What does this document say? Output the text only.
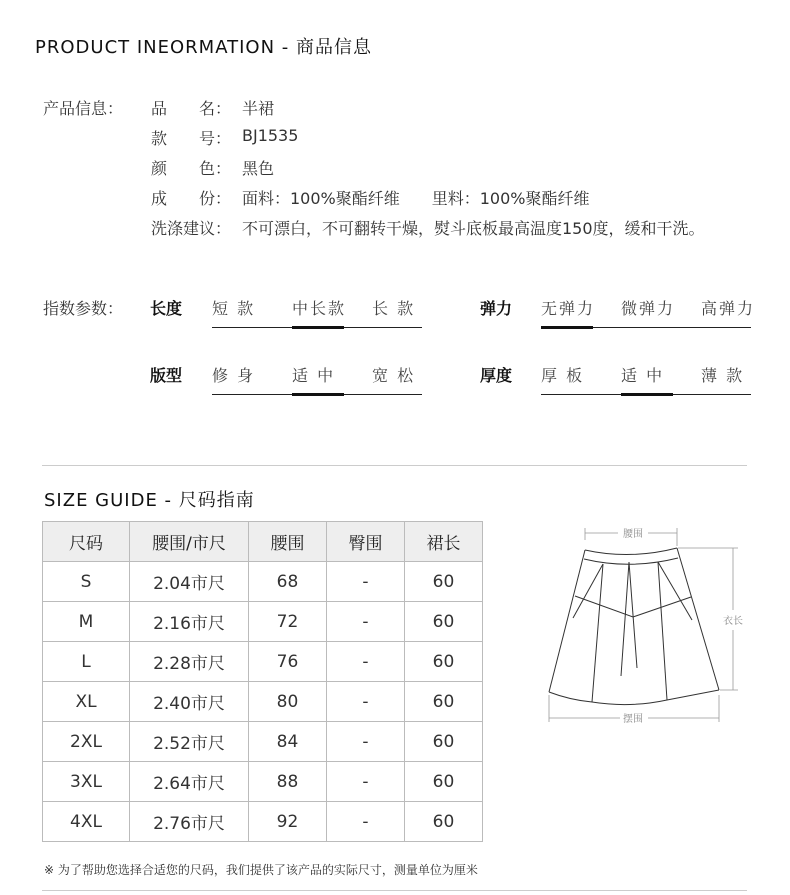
PRODUCT INEORMATION - 商品信息
产品信息： 品　　名： 半裙
款　　号： BJ1535
颜　　色： 黑色
成　　份： 面料：100%聚酯纤维　　里料：100%聚酯纤维
洗涤建议： 不可漂白，不可翻转干燥，熨斗底板最高温度150度，缓和干洗。
指数参数： 长度 短 款 中长款 长 款	弹力 无弹力 微弹力 高弹力
版型 修 身 适 中 宽 松	厚度 厚 板 适 中 薄 款
SIZE GUIDE - 尺码指南
尺码	腰围/市尺	腰围	臀围	裙长
S	2.04市尺	68	-	60
M	2.16市尺	72	-	60
L	2.28市尺	76	-	60
XL	2.40市尺	80	-	60
2XL	2.52市尺	84	-	60
3XL	2.64市尺	88	-	60
4XL	2.76市尺	92	-	60
腰围
衣长
摆围
※ 为了帮助您选择合适您的尺码，我们提供了该产品的实际尺寸，测量单位为厘米
